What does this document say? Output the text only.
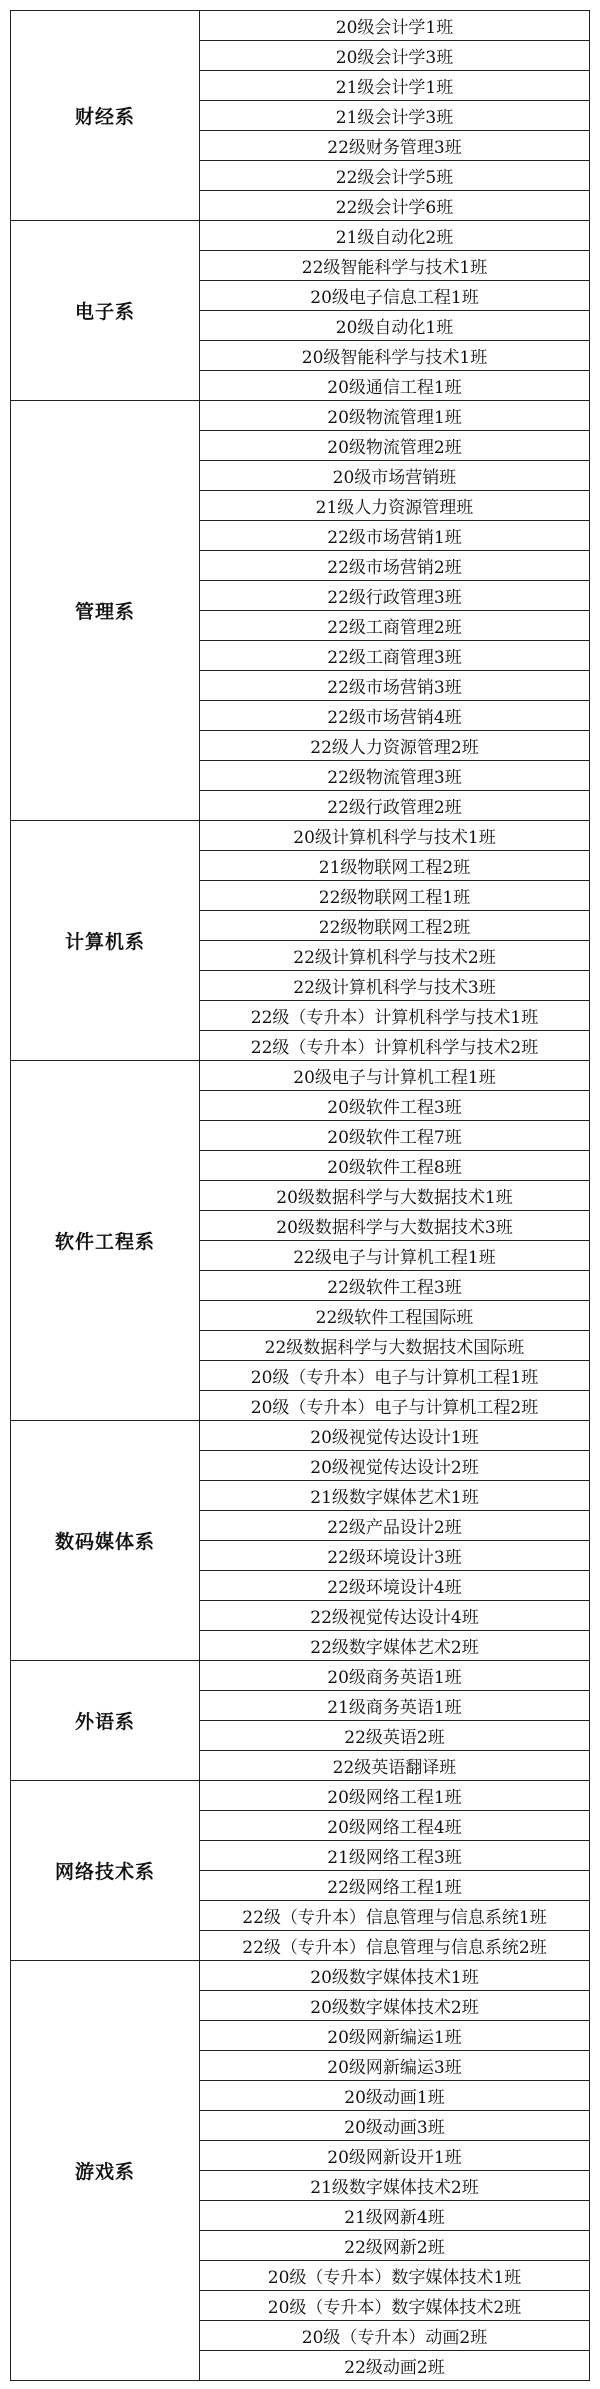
财经系	20级会计学1班
	20级会计学3班
	21级会计学1班
	21级会计学3班
	22级财务管理3班
	22级会计学5班
	22级会计学6班
电子系	21级自动化2班
	22级智能科学与技术1班
	20级电子信息工程1班
	20级自动化1班
	20级智能科学与技术1班
	20级通信工程1班
管理系	20级物流管理1班
	20级物流管理2班
	20级市场营销班
	21级人力资源管理班
	22级市场营销1班
	22级市场营销2班
	22级行政管理3班
	22级工商管理2班
	22级工商管理3班
	22级市场营销3班
	22级市场营销4班
	22级人力资源管理2班
	22级物流管理3班
	22级行政管理2班
计算机系	20级计算机科学与技术1班
	21级物联网工程2班
	22级物联网工程1班
	22级物联网工程2班
	22级计算机科学与技术2班
	22级计算机科学与技术3班
	22级（专升本）计算机科学与技术1班
	22级（专升本）计算机科学与技术2班
软件工程系	20级电子与计算机工程1班
	20级软件工程3班
	20级软件工程7班
	20级软件工程8班
	20级数据科学与大数据技术1班
	20级数据科学与大数据技术3班
	22级电子与计算机工程1班
	22级软件工程3班
	22级软件工程国际班
	22级数据科学与大数据技术国际班
	20级（专升本）电子与计算机工程1班
	20级（专升本）电子与计算机工程2班
数码媒体系	20级视觉传达设计1班
	20级视觉传达设计2班
	21级数字媒体艺术1班
	22级产品设计2班
	22级环境设计3班
	22级环境设计4班
	22级视觉传达设计4班
	22级数字媒体艺术2班
外语系	20级商务英语1班
	21级商务英语1班
	22级英语2班
	22级英语翻译班
网络技术系	20级网络工程1班
	20级网络工程4班
	21级网络工程3班
	22级网络工程1班
	22级（专升本）信息管理与信息系统1班
	22级（专升本）信息管理与信息系统2班
游戏系	20级数字媒体技术1班
	20级数字媒体技术2班
	20级网新编运1班
	20级网新编运3班
	20级动画1班
	20级动画3班
	20级网新设开1班
	21级数字媒体技术2班
	21级网新4班
	22级网新2班
	20级（专升本）数字媒体技术1班
	20级（专升本）数字媒体技术2班
	20级（专升本）动画2班
	22级动画2班
